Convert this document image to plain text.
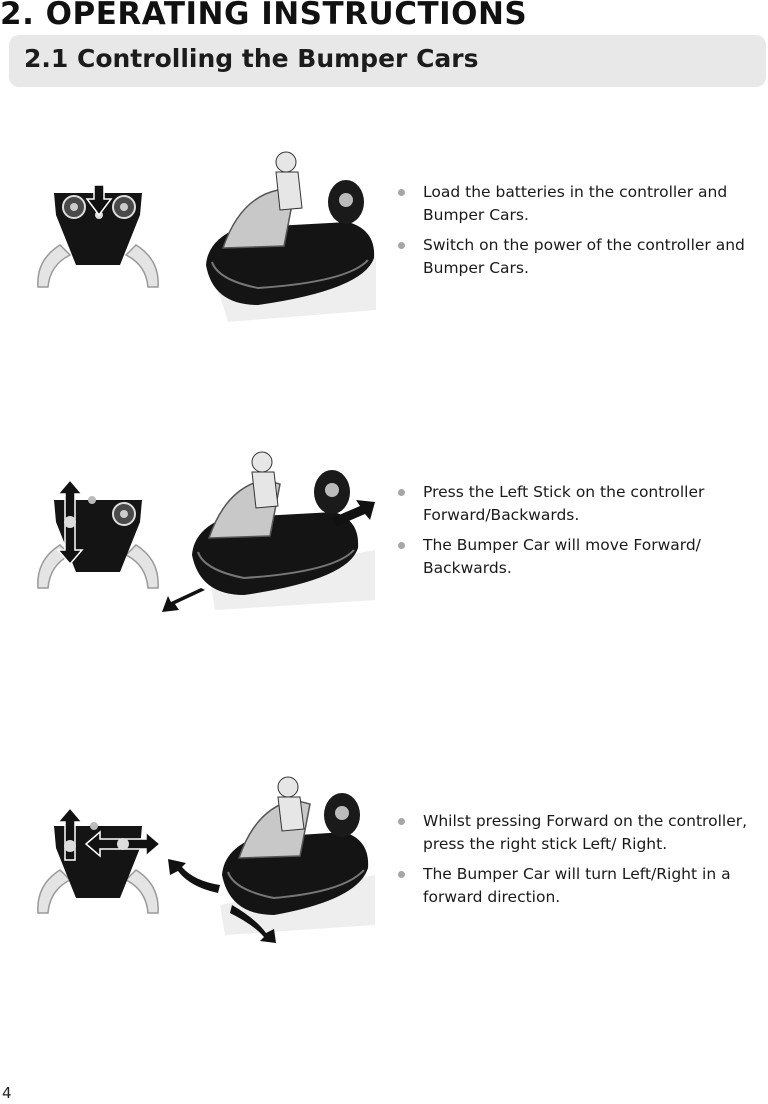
2. OPERATING INSTRUCTIONS
2.1 Controlling the Bumper Cars
Load the batteries in the controller and Bumper Cars.
Switch on the power of the controller and Bumper Cars.
Press the Left Stick on the controller Forward/Backwards.
The Bumper Car will move Forward/ Backwards.
Whilst pressing Forward on the controller, press the right stick Left/ Right.
The Bumper Car will turn Left/Right in a forward direction.
4
